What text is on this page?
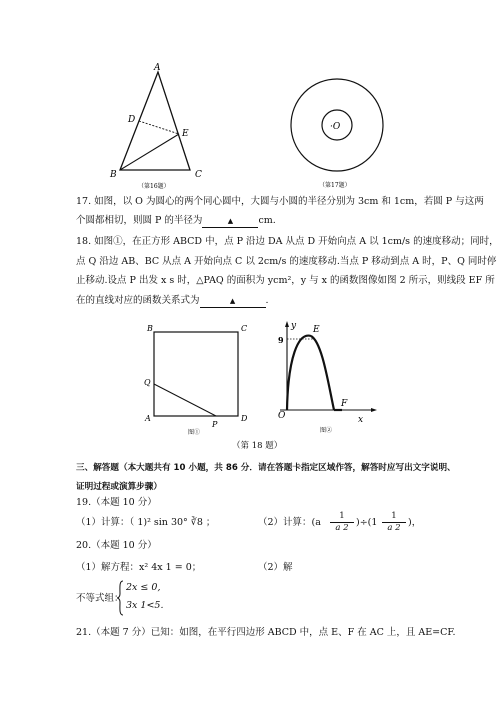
A
B	C
D
E
（第16题）
·O
（第17题）
17. 如图，以 O 为圆心的两个同心圆中，大圆与小圆的半径分别为 3cm 和 1cm，若圆 P 与这两
个圆都相切，则圆 P 的半径为	▲	cm.
18. 如图①，在正方形 ABCD 中，点 P 沿边 DA 从点 D 开始向点 A 以 1cm/s 的速度移动；同时，
点 Q 沿边 AB、BC 从点 A 开始向点 C 以 2cm/s 的速度移动.当点 P 移动到点 A 时，P、Q 同时停
止移动.设点 P 出发 x s 时，△PAQ 的面积为 ycm²，y 与 x 的函数图像如图 2 所示，则线段 EF 所
在的直线对应的函数关系式为	▲	.
B	C
A	D
Q
P
图①
y
9
E
F
O	x
图②
（第 18 题）
三、解答题（本大题共有 10 小题，共 86 分．请在答题卡指定区域作答，解答时应写出文字说明、
证明过程或演算步骤）
19.（本题 10 分）
（1）计算：（ 1)² sin 30° ∛8 ；	（2）计算：$(a \frac{1}{a 2} )\div(1 \frac{1}{a 2}$ )，
20.（本题 10 分）
（1）解方程：x² 4x 1 = 0；	（2）解
不等式组：
2x ≤ 0,
3x 1<5.
21.（本题 7 分）已知：如图，在平行四边形 ABCD 中，点 E、F 在 AC 上，且 AE=CF.
